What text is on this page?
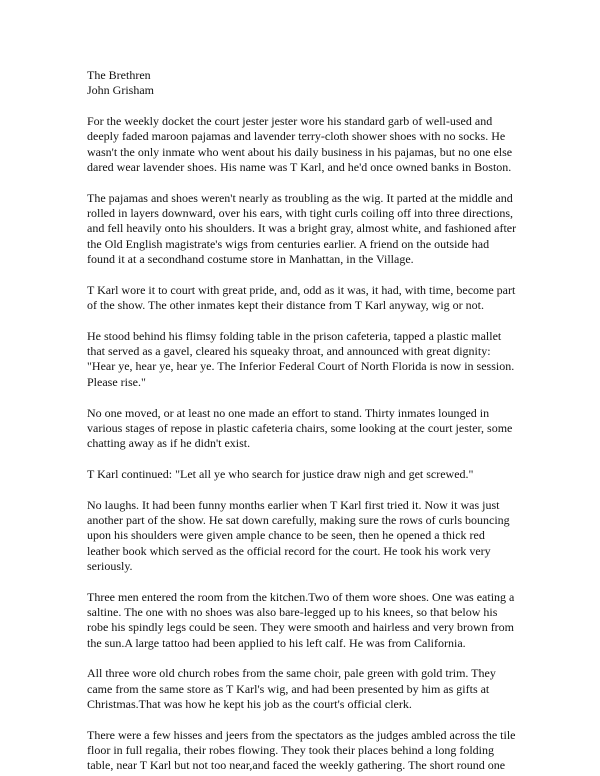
The Brethren

John Grisham

For the weekly docket the court jester jester wore his standard garb of well-used and
deeply faded maroon pajamas and lavender terry-cloth shower shoes with no socks. He
wasn't the only inmate who went about his daily business in his pajamas, but no one else
dared wear lavender shoes. His name was T Karl, and he'd once owned banks in Boston.

The pajamas and shoes weren't nearly as troubling as the wig. It parted at the middle and
rolled in layers downward, over his ears, with tight curls coiling off into three directions,
and fell heavily onto his shoulders. It was a bright gray, almost white, and fashioned after
the Old English magistrate's wigs from centuries earlier. A friend on the outside had
found it at a secondhand costume store in Manhattan, in the Village.

T Karl wore it to court with great pride, and, odd as it was, it had, with time, become part
of the show. The other inmates kept their distance from T Karl anyway, wig or not.

He stood behind his flimsy folding table in the prison cafeteria, tapped a plastic mallet
that served as a gavel, cleared his squeaky throat, and announced with great dignity:
"Hear ye, hear ye, hear ye. The Inferior Federal Court of North Florida is now in session.
Please rise."

No one moved, or at least no one made an effort to stand. Thirty inmates lounged in
various stages of repose in plastic cafeteria chairs, some looking at the court jester, some
chatting away as if he didn't exist.

T Karl continued: "Let all ye who search for justice draw nigh and get screwed."

No laughs. It had been funny months earlier when T Karl first tried it. Now it was just
another part of the show. He sat down carefully, making sure the rows of curls bouncing
upon his shoulders were given ample chance to be seen, then he opened a thick red
leather book which served as the official record for the court. He took his work very
seriously.

Three men entered the room from the kitchen.Two of them wore shoes. One was eating a
saltine. The one with no shoes was also bare-legged up to his knees, so that below his
robe his spindly legs could be seen. They were smooth and hairless and very brown from
the sun.A large tattoo had been applied to his left calf. He was from California.

All three wore old church robes from the same choir, pale green with gold trim. They
came from the same store as T Karl's wig, and had been presented by him as gifts at
Christmas.That was how he kept his job as the court's official clerk.

There were a few hisses and jeers from the spectators as the judges ambled across the tile
floor in full regalia, their robes flowing. They took their places behind a long folding
table, near T Karl but not too near,and faced the weekly gathering. The short round one
